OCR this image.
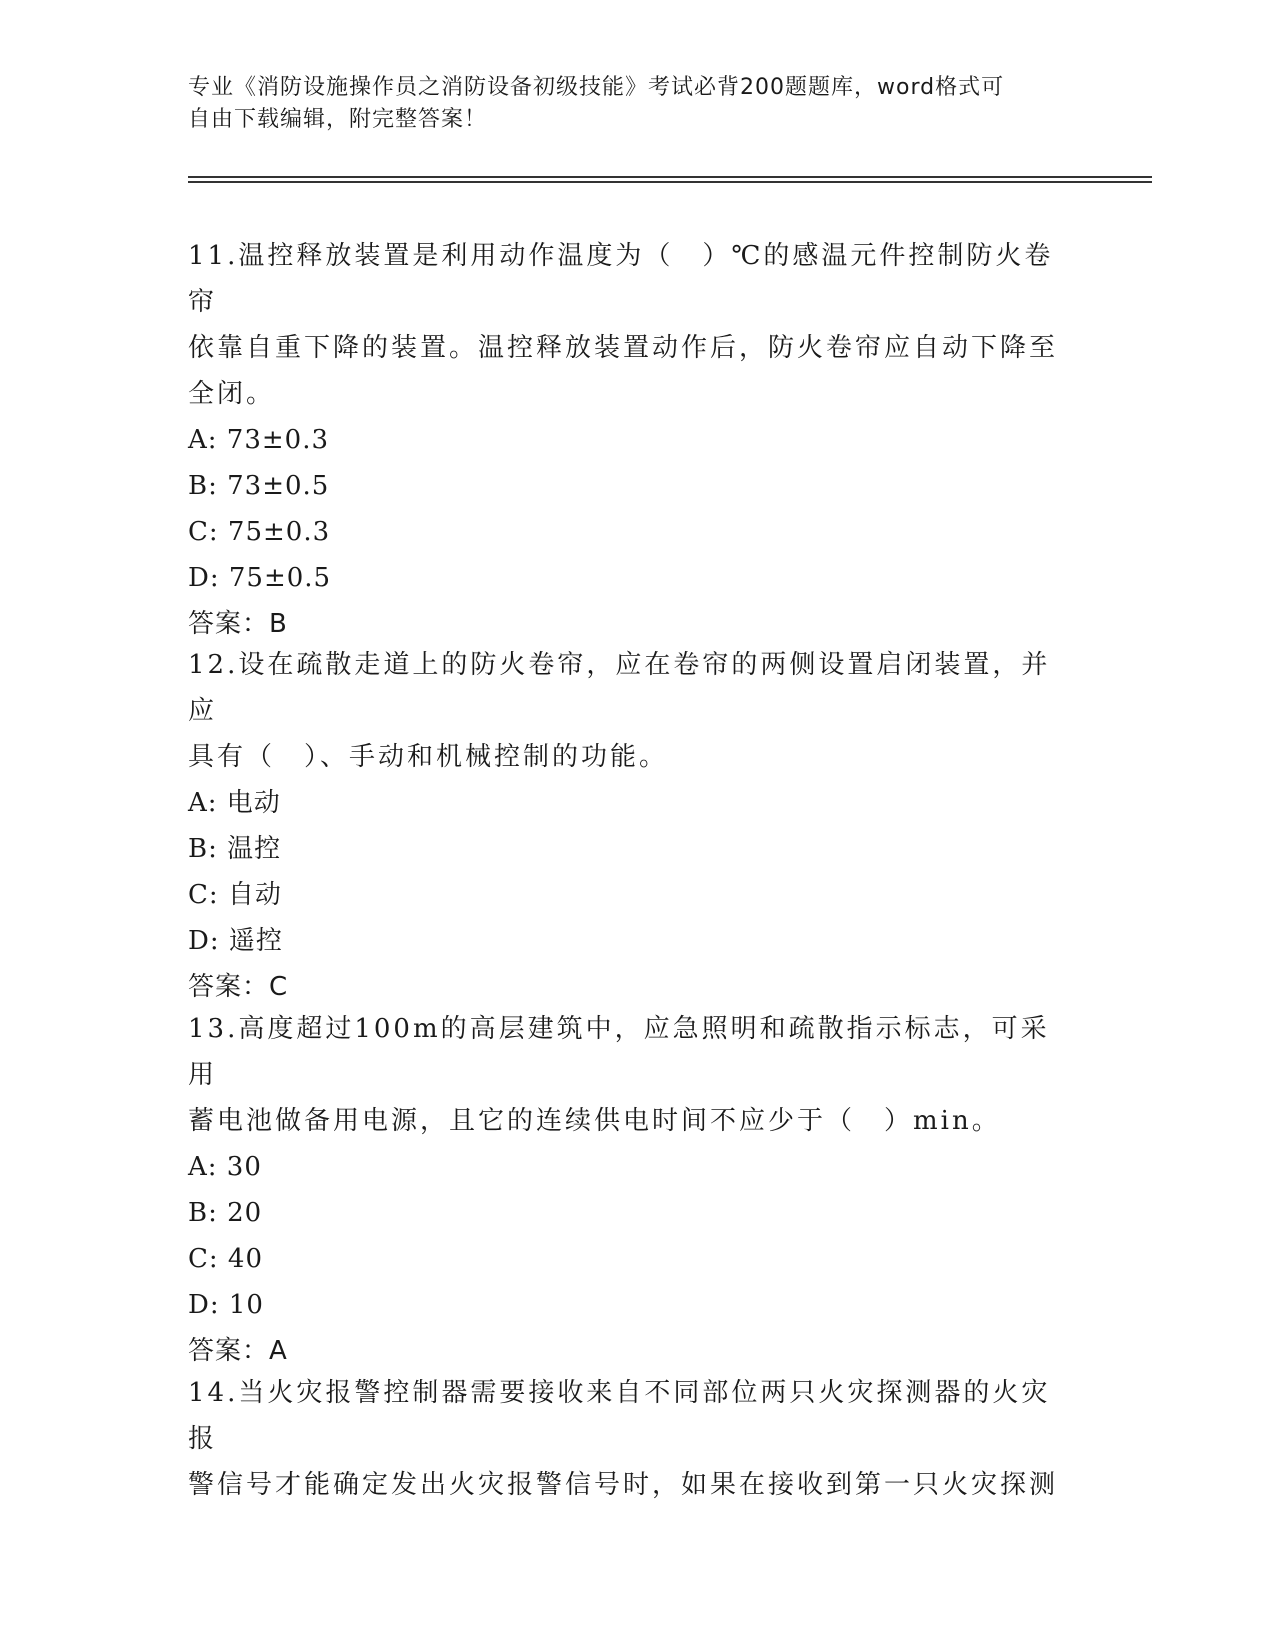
专业《消防设施操作员之消防设备初级技能》考试必背200题题库，word格式可
自由下载编辑，附完整答案！

11.温控释放装置是利用动作温度为（　）℃的感温元件控制防火卷帘

依靠自重下降的装置。温控释放装置动作后，防火卷帘应自动下降至

全闭。

A: 73±0.3

B: 73±0.5

C: 75±0.3

D: 75±0.5

答案：B

12.设在疏散走道上的防火卷帘，应在卷帘的两侧设置启闭装置，并应

具有（　）、手动和机械控制的功能。

A: 电动

B: 温控

C: 自动

D: 遥控

答案：C

13.高度超过100m的高层建筑中，应急照明和疏散指示标志，可采用

蓄电池做备用电源，且它的连续供电时间不应少于（　）min。

A: 30

B: 20

C: 40

D: 10

答案：A

14.当火灾报警控制器需要接收来自不同部位两只火灾探测器的火灾报

警信号才能确定发出火灾报警信号时，如果在接收到第一只火灾探测
